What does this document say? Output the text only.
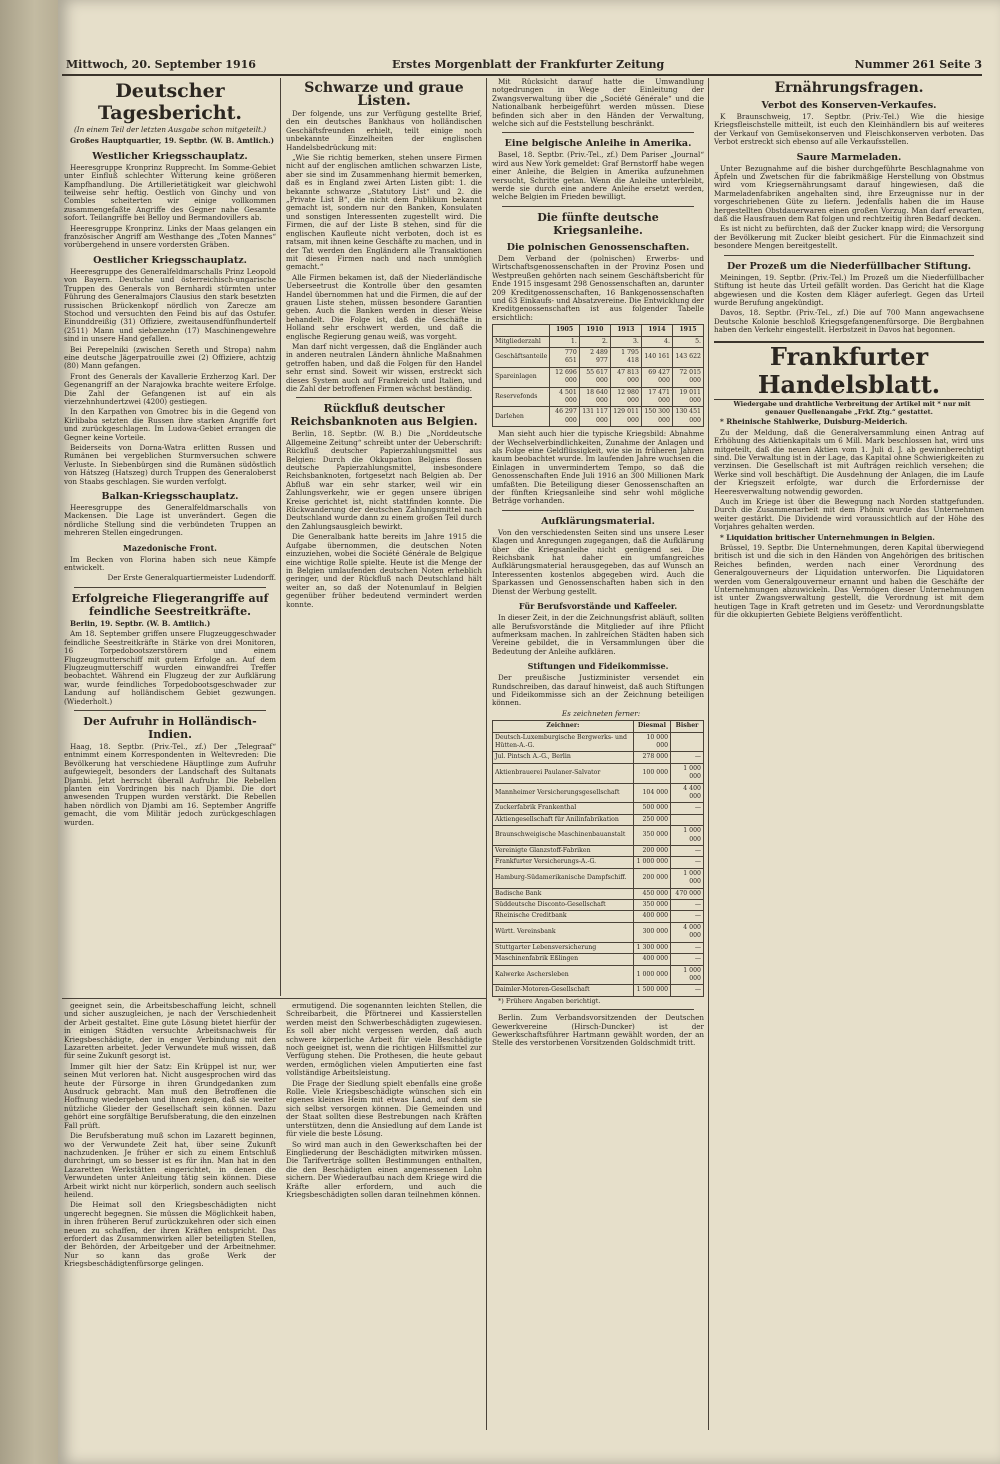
Mittwoch, 20. September 1916	Erstes Morgenblatt der Frankfurter Zeitung	Nummer 261 Seite 3
Deutscher Tagesbericht.
(In einem Teil der letzten Ausgabe schon mitgeteilt.)

Großes Hauptquartier, 19. Septbr. (W. B. Amtlich.)

Westlicher Kriegsschauplatz.

Heeresgruppe Kronprinz Rupprecht. Im Somme-Gebiet unter Einfluß schlechter Witterung keine größeren Kampfhandlung. Die Artillerietätigkeit war gleichwohl teilweise sehr heftig. Oestlich von Ginchy und von Combles scheiterten wir einige vollkommen zusammengefaßte Angriffe des Gegner nahe Gesamte sofort. Teilangriffe bei Belloy und Bermandovillers ab.

Heeresgruppe Kronprinz. Links der Maas gelangen ein französischer Angriff am Westhange des „Toten Mannes“ vorübergehend in unsere vordersten Gräben.

Oestlicher Kriegsschauplatz.

Heeresgruppe des Generalfeldmarschalls Prinz Leopold von Bayern. Deutsche und österreichisch-ungarische Truppen des Generals von Bernhardi stürmten unter Führung des Generalmajors Clausius den stark besetzten russischen Brückenkopf nördlich von Zarecze am Stochod und versuchten den Feind bis auf das Ostufer. Einunddreißig (31) Offiziere, zweitausendfünfhundertelf (2511) Mann und siebenzehn (17) Maschinengewehre sind in unsere Hand gefallen.

Bei Perepelniki (zwischen Sereth und Stropa) nahm eine deutsche Jägerpatrouille zwei (2) Offiziere, achtzig (80) Mann gefangen.

Front des Generals der Kavallerie Erzherzog Karl. Der Gegenangriff an der Narajowka brachte weitere Erfolge. Die Zahl der Gefangenen ist auf ein als vierzehnhundertzwei (4200) gestiegen.

In den Karpathen von Gmotrec bis in die Gegend von Kirlibaba setzten die Russen ihre starken Angriffe fort und zurückgeschlagen. Im Ludowa-Gebiet errangen die Gegner keine Vorteile.

Beiderseits von Dorna-Watra erlitten Russen und Rumänen bei vergeblichen Sturmversuchen schwere Verluste. In Siebenbürgen sind die Rumänen südöstlich von Hátszeg (Hatszeg) durch Truppen des Generaloberst von Staabs geschlagen. Sie wurden verfolgt.

Balkan-Kriegsschauplatz.

Heeresgruppe des Generalfeldmarschalls von Mackensen. Die Lage ist unverändert. Gegen die nördliche Stellung sind die verbündeten Truppen an mehreren Stellen eingedrungen.

Mazedonische Front.

Im Becken von Florina haben sich neue Kämpfe entwickelt.

Der Erste Generalquartiermeister Ludendorff.

Erfolgreiche Fliegerangriffe auf feindliche Seestreitkräfte.

Berlin, 19. Septbr. (W. B. Amtlich.)

Am 18. September griffen unsere Flugzeuggeschwader feindliche Seestreitkräfte in Stärke von drei Monitoren, 16 Torpedobootszerstörern und einem Flugzeugmutterschiff mit gutem Erfolge an. Auf dem Flugzeugmutterschiff wurden einwandfrei Treffer beobachtet. Während ein Flugzeug der zur Aufklärung war, wurde feindliches Torpedobootsgeschwader zur Landung auf holländischem Gebiet gezwungen. (Wiederholt.)

Der Aufruhr in Holländisch-Indien.

Haag, 18. Septbr. (Priv.-Tel., zf.) Der „Telegraaf“ entnimmt einem Korrespondenten in Weltevreden: Die Bevölkerung hat verschiedene Häuptlinge zum Aufruhr aufgewiegelt, besonders der Landschaft des Sultanats Djambi. Jetzt herrscht überall Aufruhr. Die Rebellen planten ein Vordringen bis nach Djambi. Die dort anwesenden Truppen wurden verstärkt. Die Rebellen haben nördlich von Djambi am 16. September Angriffe gemacht, die vom Militär jedoch zurückgeschlagen wurden.

Schwarze und graue Listen.

Der folgende, uns zur Verfügung gestellte Brief, den ein deutsches Bankhaus von holländischen Geschäftsfreunden erhielt, teilt einige noch unbekannte Einzelheiten der englischen Handelsbedrückung mit:

„Wie Sie richtig bemerken, stehen unsere Firmen nicht auf der englischen amtlichen schwarzen Liste, aber sie sind im Zusammenhang hiermit bemerken, daß es in England zwei Arten Listen gibt: 1. die bekannte schwarze „Statutory List“ und 2. die „Private List B“, die nicht dem Publikum bekannt gemacht ist, sondern nur den Banken, Konsulaten und sonstigen Interessenten zugestellt wird. Die Firmen, die auf der Liste B stehen, sind für die englischen Kaufleute nicht verboten, doch ist es ratsam, mit ihnen keine Geschäfte zu machen, und in der Tat werden den Engländern alle Transaktionen mit diesen Firmen nach und nach unmöglich gemacht.“

Alle Firmen bekamen ist, daß der Niederländische Ueberseetrust die Kontrolle über den gesamten Handel übernommen hat und die Firmen, die auf der grauen Liste stehen, müssen besondere Garantien geben. Auch die Banken werden in dieser Weise behandelt. Die Folge ist, daß die Geschäfte in Holland sehr erschwert werden, und daß die englische Regierung genau weiß, was vorgeht.

Man darf nicht vergessen, daß die Engländer auch in anderen neutralen Ländern ähnliche Maßnahmen getroffen haben, und daß die Folgen für den Handel sehr ernst sind. Soweit wir wissen, erstreckt sich dieses System auch auf Frankreich und Italien, und die Zahl der betroffenen Firmen wächst beständig.

Rückfluß deutscher Reichsbanknoten aus Belgien.

Berlin, 18. Septbr. (W. B.) Die „Norddeutsche Allgemeine Zeitung“ schreibt unter der Ueberschrift: Rückfluß deutscher Papierzahlungsmittel aus Belgien: Durch die Okkupation Belgiens flossen deutsche Papierzahlungsmittel, insbesondere Reichsbanknoten, fortgesetzt nach Belgien ab. Der Abfluß war ein sehr starker, weil wir ein Zahlungsverkehr, wie er gegen unsere übrigen Kreise gerichtet ist, nicht stattfinden konnte. Die Rückwanderung der deutschen Zahlungsmittel nach Deutschland wurde dann zu einem großen Teil durch den Zahlungsausgleich bewirkt.

Die Generalbank hatte bereits im Jahre 1915 die Aufgabe übernommen, die deutschen Noten einzuziehen, wobei die Société Générale de Belgique eine wichtige Rolle spielte. Heute ist die Menge der in Belgien umlaufenden deutschen Noten erheblich geringer, und der Rückfluß nach Deutschland hält weiter an, so daß der Notenumlauf in Belgien gegenüber früher bedeutend vermindert werden konnte.

geeignet sein, die Arbeitsbeschaffung leicht, schnell und sicher auszugleichen, je nach der Verschiedenheit der Arbeit gestaltet. Eine gute Lösung bietet hierfür der in einigen Städten versuchte Arbeitsnachweis für Kriegsbeschädigte, der in enger Verbindung mit den Lazaretten arbeitet. Jeder Verwundete muß wissen, daß für seine Zukunft gesorgt ist.

Immer gilt hier der Satz: Ein Krüppel ist nur, wer seinen Mut verloren hat. Nicht ausgesprochen wird das heute der Fürsorge in ihren Grundgedanken zum Ausdruck gebracht. Man muß den Betroffenen die Hoffnung wiedergeben und ihnen zeigen, daß sie weiter nützliche Glieder der Gesellschaft sein können. Dazu gehört eine sorgfältige Berufsberatung, die den einzelnen Fall prüft.

Die Berufsberatung muß schon im Lazarett beginnen, wo der Verwundete Zeit hat, über seine Zukunft nachzudenken. Je früher er sich zu einem Entschluß durchringt, um so besser ist es für ihn. Man hat in den Lazaretten Werkstätten eingerichtet, in denen die Verwundeten unter Anleitung tätig sein können. Diese Arbeit wirkt nicht nur körperlich, sondern auch seelisch heilend.

Die Heimat soll den Kriegsbeschädigten nicht ungerecht begegnen. Sie müssen die Möglichkeit haben, in ihren früheren Beruf zurückzukehren oder sich einen neuen zu schaffen, der ihren Kräften entspricht. Das erfordert das Zusammenwirken aller beteiligten Stellen, der Behörden, der Arbeitgeber und der Arbeitnehmer. Nur so kann das große Werk der Kriegsbeschädigtenfürsorge gelingen.

ermutigend. Die sogenannten leichten Stellen, die Schreibarbeit, die Pförtnerei und Kassierstellen werden meist den Schwerbeschädigten zugewiesen. Es soll aber nicht vergessen werden, daß auch schwere körperliche Arbeit für viele Beschädigte noch geeignet ist, wenn die richtigen Hilfsmittel zur Verfügung stehen. Die Prothesen, die heute gebaut werden, ermöglichen vielen Amputierten eine fast vollständige Arbeitsleistung.

Die Frage der Siedlung spielt ebenfalls eine große Rolle. Viele Kriegsbeschädigte wünschen sich ein eigenes kleines Heim mit etwas Land, auf dem sie sich selbst versorgen können. Die Gemeinden und der Staat sollten diese Bestrebungen nach Kräften unterstützen, denn die Ansiedlung auf dem Lande ist für viele die beste Lösung.

So wird man auch in den Gewerkschaften bei der Eingliederung der Beschädigten mitwirken müssen. Die Tarifverträge sollten Bestimmungen enthalten, die den Beschädigten einen angemessenen Lohn sichern. Der Wiederaufbau nach dem Kriege wird die Kräfte aller erfordern, und auch die Kriegsbeschädigten sollen daran teilnehmen können.

Mit Rücksicht darauf hatte die Umwandlung notgedrungen in Wege der Einleitung der Zwangsverwaltung über die „Société Générale“ und die Nationalbank herbeigeführt werden müssen. Diese befinden sich aber in den Händen der Verwaltung, welche sich auf die Feststellung beschränkt.

Eine belgische Anleihe in Amerika.

Basel, 18. Septbr. (Priv.-Tel., zf.) Dem Pariser „Journal“ wird aus New York gemeldet: Graf Bernstorff habe wegen einer Anleihe, die Belgien in Amerika aufzunehmen versucht, Schritte getan. Wenn die Anleihe unterbleibt, werde sie durch eine andere Anleihe ersetzt werden, welche Belgien im Frieden bewilligt.

Die fünfte deutsche Kriegsanleihe.
Die polnischen Genossenschaften.

Dem Verband der (polnischen) Erwerbs- und Wirtschaftsgenossenschaften in der Provinz Posen und Westpreußen gehörten nach seinem Geschäftsbericht für Ende 1915 insgesamt 298 Genossenschaften an, darunter 209 Kreditgenossenschaften, 16 Bankgenossenschaften und 63 Einkaufs- und Absatzvereine. Die Entwicklung der Kreditgenossenschaften ist aus folgender Tabelle ersichtlich:

	1905	1910	1913	1914	1915
Mitgliederzahl	1.	2.	3.	4.	5.
Geschäftsanteile	770 651	2 489 977	1 795 418	140 161	143 622
Spareinlagen	12 696 000	55 617 000	47 813 000	69 427 000	72 015 000
Reservefonds	4 501 000	18 640 000	12 980 000	17 471 000	19 011 000
Darlehen	46 297 000	131 117 000	129 011 000	150 300 000	130 451 000

Man sieht auch hier die typische Kriegsbild: Abnahme der Wechselverbindlichkeiten, Zunahme der Anlagen und als Folge eine Geldflüssigkeit, wie sie in früheren Jahren kaum beobachtet wurde. Im laufenden Jahre wuchsen die Einlagen in unvermindertem Tempo, so daß die Genossenschaften Ende Juli 1916 an 300 Millionen Mark umfaßten. Die Beteiligung dieser Genossenschaften an der fünften Kriegsanleihe sind sehr wohl mögliche Beträge vorhanden.

Aufklärungsmaterial.

Von den verschiedensten Seiten sind uns unsere Leser Klagen und Anregungen zugegangen, daß die Aufklärung über die Kriegsanleihe nicht genügend sei. Die Reichsbank hat daher ein umfangreiches Aufklärungsmaterial herausgegeben, das auf Wunsch an Interessenten kostenlos abgegeben wird. Auch die Sparkassen und Genossenschaften haben sich in den Dienst der Werbung gestellt.

Für Berufsvorstände und Kaffeeler.

In dieser Zeit, in der die Zeichnungsfrist abläuft, sollten alle Berufsvorstände die Mitglieder auf ihre Pflicht aufmerksam machen. In zahlreichen Städten haben sich Vereine gebildet, die in Versammlungen über die Bedeutung der Anleihe aufklären.

Stiftungen und Fideikommisse.

Der preußische Justizminister versendet ein Rundschreiben, das darauf hinweist, daß auch Stiftungen und Fideikommisse sich an der Zeichnung beteiligen können.

Es zeichneten ferner:

Zeichner:	Diesmal	Bisher
Deutsch-Luxemburgische Bergwerks- und Hütten-A.-G.	10 000 000	
Jul. Pintsch A.-G., Berlin	278 000	—
Aktienbrauerei Paulaner-Salvator	100 000	1 000 000
Mannheimer Versicherungsgesellschaft	104 000	4 400 000
Zuckerfabrik Frankenthal	500 000	—
Aktiengesellschaft für Anilinfabrikation	250 000	
Braunschweigische Maschinenbauanstalt	350 000	1 000 000
Vereinigte Glanzstoff-Fabriken	200 000	—
Frankfurter Versicherungs-A.-G.	1 000 000	—
Hamburg-Südamerikanische Dampfschiff.	200 000	1 000 000
Badische Bank	450 000	470 000
Süddeutsche Disconto-Gesellschaft	350 000	—
Rheinische Creditbank	400 000	—
Württ. Vereinsbank	300 000	4 000 000
Stuttgarter Lebensversicherung	1 300 000	—
Maschinenfabrik Eßlingen	400 000	—
Kalwerke Aschersleben	1 000 000	1 000 000
Daimler-Motoren-Gesellschaft	1 500 000	—

*) Frühere Angaben berichtigt.

Berlin. Zum Verbandsvorsitzenden der Deutschen Gewerkvereine (Hirsch-Duncker) ist der Gewerkschaftsführer Hartmann gewählt worden, der an Stelle des verstorbenen Vorsitzenden Goldschmidt tritt.

Ernährungsfragen.
Verbot des Konserven-Verkaufes.

K Braunschweig, 17. Septbr. (Priv.-Tel.) Wie die hiesige Kriegsfleischstelle mitteilt, ist euch den Kleinhändlern bis auf weiteres der Verkauf von Gemüsekonserven und Fleischkonserven verboten. Das Verbot erstreckt sich ebenso auf alle Verkaufsstellen.

Saure Marmeladen.

Unter Bezugnahme auf die bisher durchgeführte Beschlagnahme von Äpfeln und Zwetschen für die fabrikmäßige Herstellung von Obstmus wird vom Kriegsernährungsamt darauf hingewiesen, daß die Marmeladenfabriken angehalten sind, ihre Erzeugnisse nur in der vorgeschriebenen Güte zu liefern. Jedenfalls haben die im Hause hergestellten Obstdauerwaren einen großen Vorzug. Man darf erwarten, daß die Hausfrauen dem Rat folgen und rechtzeitig ihren Bedarf decken.

Es ist nicht zu befürchten, daß der Zucker knapp wird; die Versorgung der Bevölkerung mit Zucker bleibt gesichert. Für die Einmachzeit sind besondere Mengen bereitgestellt.

Der Prozeß um die Niederfüllbacher Stiftung.

Meiningen, 19. Septbr. (Priv.-Tel.) Im Prozeß um die Niederfüllbacher Stiftung ist heute das Urteil gefällt worden. Das Gericht hat die Klage abgewiesen und die Kosten dem Kläger auferlegt. Gegen das Urteil wurde Berufung angekündigt.

Davos, 18. Septbr. (Priv.-Tel., zf.) Die auf 700 Mann angewachsene Deutsche Kolonie beschloß Kriegsgefangenenfürsorge. Die Bergbahnen haben den Verkehr eingestellt. Herbstzeit in Davos hat begonnen.

Frankfurter Handelsblatt.

Wiedergabe und drahtliche Verbreitung der Artikel mit * nur mit genauer Quellenangabe „Frkf. Ztg.“ gestattet.

* Rheinische Stahlwerke, Duisburg-Meiderich.

Zu der Meldung, daß die Generalversammlung einen Antrag auf Erhöhung des Aktienkapitals um 6 Mill. Mark beschlossen hat, wird uns mitgeteilt, daß die neuen Aktien vom 1. Juli d. J. ab gewinnberechtigt sind. Die Verwaltung ist in der Lage, das Kapital ohne Schwierigkeiten zu verzinsen. Die Gesellschaft ist mit Aufträgen reichlich versehen; die Werke sind voll beschäftigt. Die Ausdehnung der Anlagen, die im Laufe der Kriegszeit erfolgte, war durch die Erfordernisse der Heeresverwaltung notwendig geworden.

Auch im Kriege ist über die Bewegung nach Norden stattgefunden. Durch die Zusammenarbeit mit dem Phönix wurde das Unternehmen weiter gestärkt. Die Dividende wird voraussichtlich auf der Höhe des Vorjahres gehalten werden.

* Liquidation britischer Unternehmungen in Belgien.

Brüssel, 19. Septbr. Die Unternehmungen, deren Kapital überwiegend britisch ist und die sich in den Händen von Angehörigen des britischen Reiches befinden, werden nach einer Verordnung des Generalgouverneurs der Liquidation unterworfen. Die Liquidatoren werden vom Generalgouverneur ernannt und haben die Geschäfte der Unternehmungen abzuwickeln. Das Vermögen dieser Unternehmungen ist unter Zwangsverwaltung gestellt, die Verordnung ist mit dem heutigen Tage in Kraft getreten und im Gesetz- und Verordnungsblatte für die okkupierten Gebiete Belgiens veröffentlicht.
